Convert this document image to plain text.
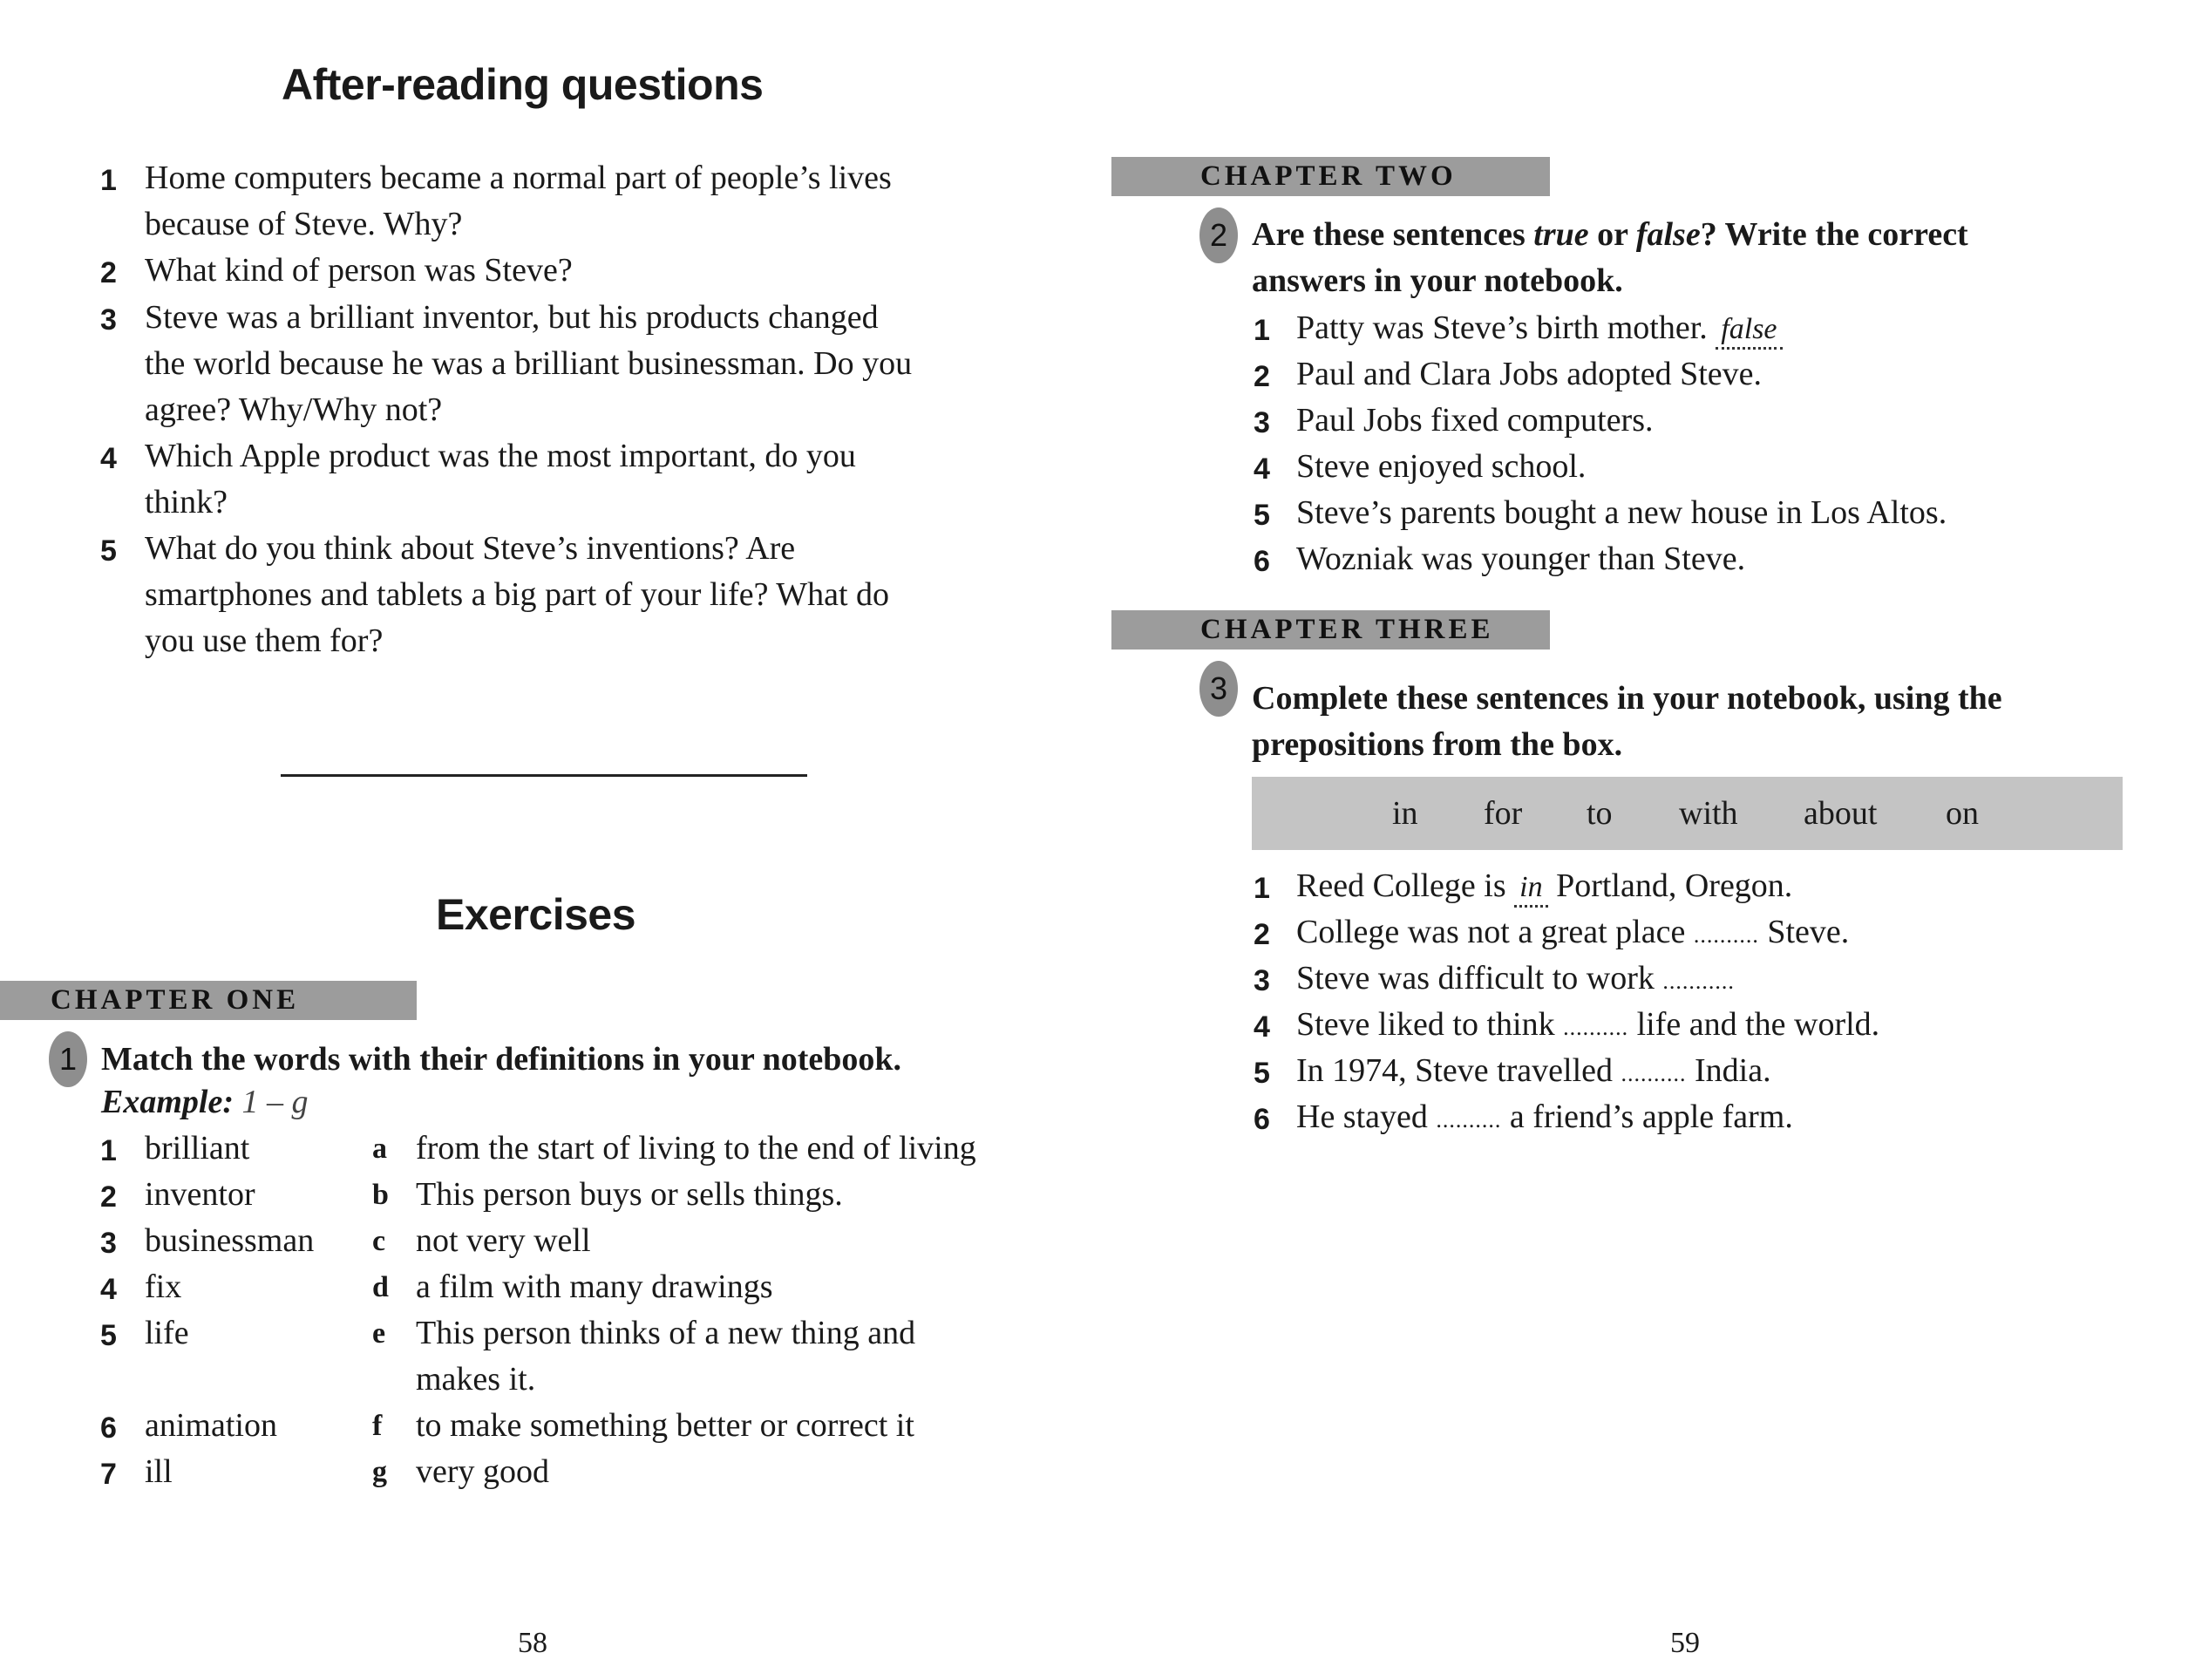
After-reading questions
1 Home computers became a normal part of people’s lives
because of Steve. Why?
2 What kind of person was Steve?
3 Steve was a brilliant inventor, but his products changed
the world because he was a brilliant businessman. Do you
agree? Why/Why not?
4 Which Apple product was the most important, do you
think?
5 What do you think about Steve’s inventions? Are
smartphones and tablets a big part of your life? What do
you use them for?
Exercises
CHAPTER ONE
1 Match the words with their definitions in your notebook.
Example: 1 – g
1 brilliant
2 inventor
3 businessman
4 fix
5 life
6 animation
7 ill
a from the start of living to the end of living
b This person buys or sells things.
c not very well
d a film with many drawings
e This person thinks of a new thing and
makes it.
f to make something better or correct it
g very good
58
CHAPTER TWO
2 Are these sentences true or false? Write the correct
answers in your notebook.
1 Patty was Steve’s birth mother. false
2 Paul and Clara Jobs adopted Steve.
3 Paul Jobs fixed computers.
4 Steve enjoyed school.
5 Steve’s parents bought a new house in Los Altos.
6 Wozniak was younger than Steve.
CHAPTER THREE
3 Complete these sentences in your notebook, using the
prepositions from the box.
in for to with about on
1 Reed College is in Portland, Oregon.
2 College was not a great place .......... Steve.
3 Steve was difficult to work ...........
4 Steve liked to think .......... life and the world.
5 In 1974, Steve travelled .......... India.
6 He stayed .......... a friend’s apple farm.
59
